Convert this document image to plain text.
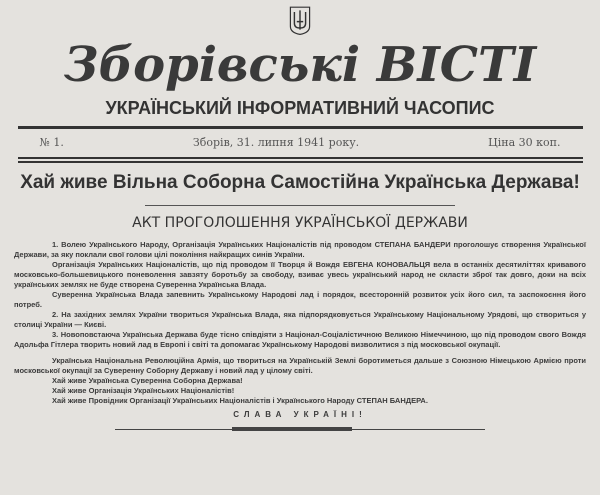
Зборівські ВІСТІ
УКРАЇНСЬКИЙ ІНФОРМАТИВНИЙ ЧАСОПИС
№ 1.	Зборів, 31. липня 1941 року.	Ціна 30 коп.
Хай живе Вільна Соборна Самостійна Українська Держава!
АКТ ПРОГОЛОШЕННЯ УКРАЇНСЬКОЇ ДЕРЖАВИ

1. Волею Українського Народу, Організація Українських Націоналістів під проводом СТЕПАНА БАНДЕРИ проголошує створення Української Держави, за яку поклали свої голови цілі покоління найкращих синів України.

Організація Українських Націоналістів, що під проводом її Творця й Вождя ЕВГЕНА КОНОВАЛЬЦЯ вела в останніх десятиліттях кривавого московсько-большевицького поневолення завзяту боротьбу за свободу, взиває увесь український народ не скласти зброї так довго, доки на всіх українських землях не буде створена Суверенна Українська Влада.

Суверенна Українська Влада запевнить Українському Народові лад і порядок, всесторонній розвиток усіх його сил, та заспокоєння його потреб.

2. На західних землях України твориться Українська Влада, яка підпорядковується Українському Національному Урядові, що створиться у столиці України — Києві.

3. Новоповстаюча Українська Держава буде тісно співдіяти з Націонал-Соціалістичною Великою Німеччиною, що під проводом свого Вождя Адольфа Гітлера творить новий лад в Европі і світі та допомагає Українському Народові визволитися з під московської окупації.

Українська Національна Революційна Армія, що твориться на Українській Землі боротиметься дальше з Союзною Німецькою Армією проти московської окупації за Суверенну Соборну Державу і новий лад у цілому світі.

Хай живе Українська Суверенна Соборна Держава!

Хай живе Організація Українських Націоналістів!

Хай живе Провідник Організації Українських Націоналістів і Українського Народу СТЕПАН БАНДЕРА.

СЛАВА УКРАЇНІ!
